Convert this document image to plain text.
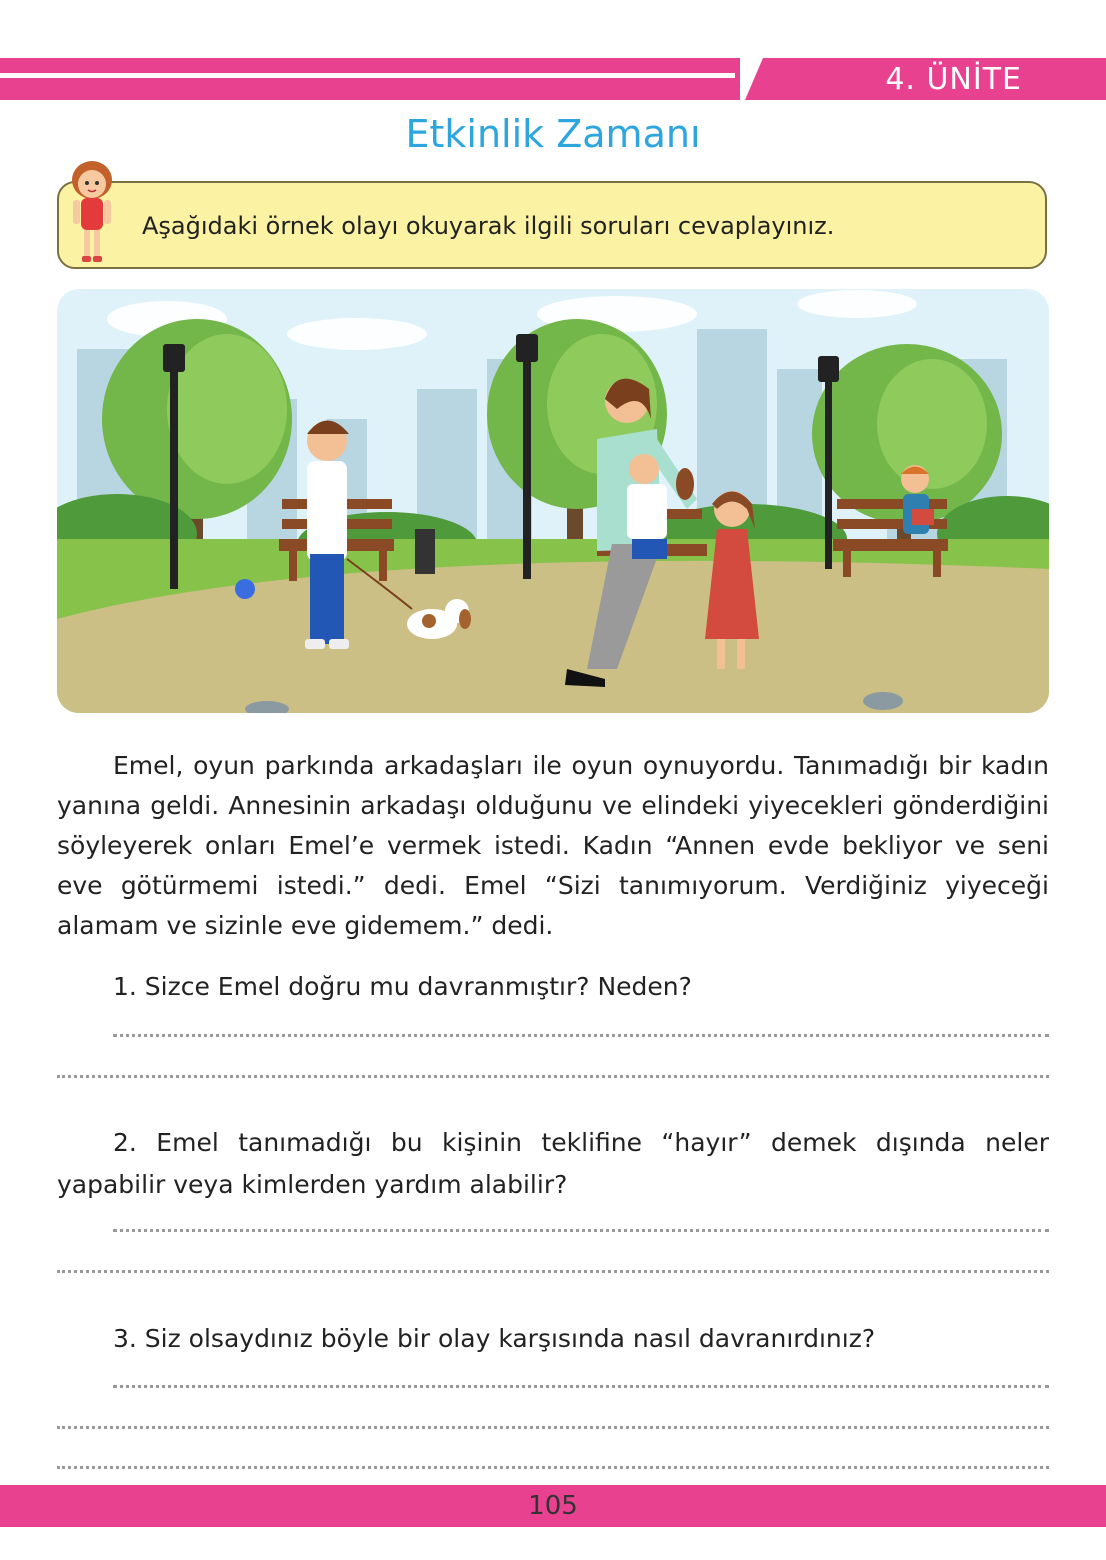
4. ÜNİTE
Etkinlik Zamanı
Aşağıdaki örnek olayı okuyarak ilgili soruları cevaplayınız.
Emel, oyun parkında arkadaşları ile oyun oynuyordu. Tanımadığı bir kadın yanına geldi. Annesinin arkadaşı olduğunu ve elindeki yiyecekleri gönderdiğini söyleyerek onları Emel’e vermek istedi. Kadın “Annen evde bekliyor ve seni eve götürmemi istedi.” dedi. Emel “Sizi tanımıyorum. Verdiğiniz yiyeceği alamam ve sizinle eve gidemem.” dedi.
1. Sizce Emel doğru mu davranmıştır? Neden?
2. Emel tanımadığı bu kişinin teklifine “hayır” demek dışında neler yapabilir veya kimlerden yardım alabilir?
3. Siz olsaydınız böyle bir olay karşısında nasıl davranırdınız?
105
